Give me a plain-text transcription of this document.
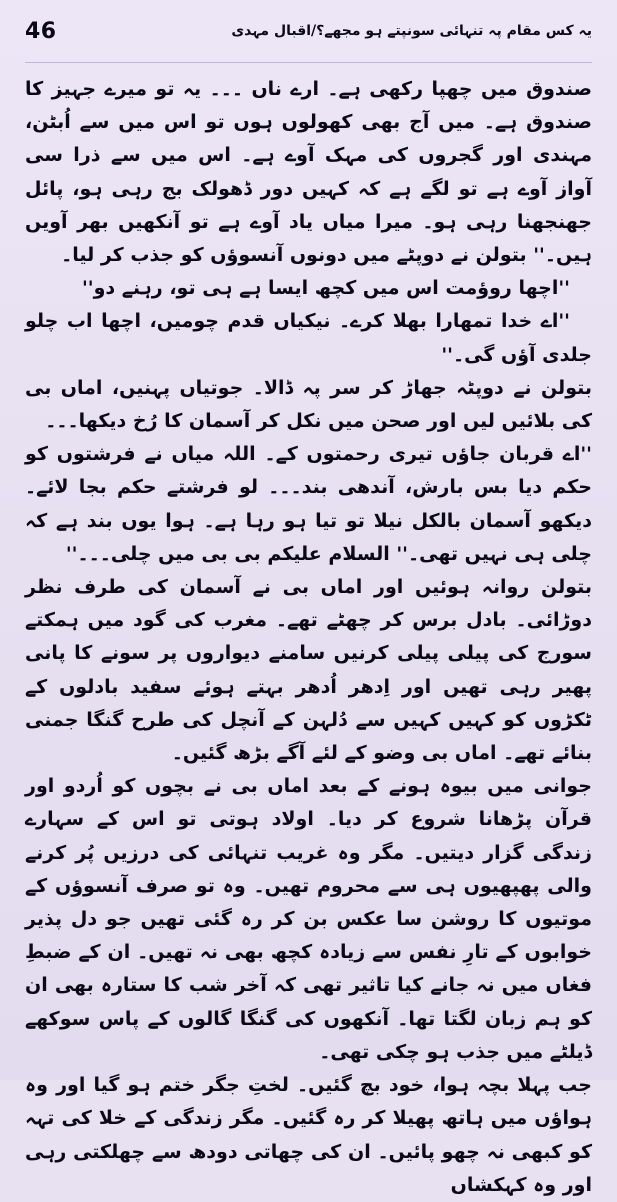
46	یہ کس مقام پہ تنہائی سونپتے ہو مجھے؟/اقبال مہدی

صندوق میں چھپا رکھی ہے۔ ارے ناں ۔۔۔ یہ تو میرے جہیز کا صندوق ہے۔ میں آج بھی کھولوں ہوں تو اس میں سے اُبٹن، مہندی اور گجروں کی مہک آوے ہے۔ اس میں سے ذرا سی آواز آوے ہے تو لگے ہے کہ کہیں دور ڈھولک بج رہی ہو، پائل جھنجھنا رہی ہو۔ میرا میاں یاد آوے ہے تو آنکھیں بھر آویں ہیں۔'' بتولن نے دوپٹے میں دونوں آنسوؤں کو جذب کر لیا۔

''اچھا روؤمت اس میں کچھ ایسا ہے ہی تو، رہنے دو''

''اے خدا تمھارا بھلا کرے۔ نیکیاں قدم چومیں، اچھا اب چلو جلدی آؤں گی۔''

بتولن نے دوپٹہ جھاڑ کر سر پہ ڈالا۔ جوتیاں پہنیں، اماں بی کی بلائیں لیں اور صحن میں نکل کر آسمان کا رُخ دیکھا۔۔۔

''اے قربان جاؤں تیری رحمتوں کے۔ اللہ میاں نے فرشتوں کو حکم دیا بس بارش، آندھی بند۔۔۔ لو فرشتے حکم بجا لائے۔ دیکھو آسمان بالکل نیلا تو تیا ہو رہا ہے۔ ہوا یوں بند ہے کہ چلی ہی نہیں تھی۔'' السلام علیکم بی بی میں چلی۔۔۔''

بتولن روانہ ہوئیں اور اماں بی نے آسمان کی طرف نظر دوڑائی۔ بادل برس کر چھٹے تھے۔ مغرب کی گود میں ہمکتے سورج کی پیلی پیلی کرنیں سامنے دیواروں پر سونے کا پانی پھیر رہی تھیں اور اِدھر اُدھر بہتے ہوئے سفید بادلوں کے ٹکڑوں کو کہیں کہیں سے دُلہن کے آنچل کی طرح گنگا جمنی بنائے تھے۔ اماں بی وضو کے لئے آگے بڑھ گئیں۔

جوانی میں بیوہ ہونے کے بعد اماں بی نے بچوں کو اُردو اور قرآن پڑھانا شروع کر دیا۔ اولاد ہوتی تو اس کے سہارے زندگی گزار دیتیں۔ مگر وہ غریب تنہائی کی درزیں پُر کرنے والی پھپھیوں ہی سے محروم تھیں۔ وہ تو صرف آنسوؤں کے موتیوں کا روشن سا عکس بن کر رہ گئی تھیں جو دل پذیر خوابوں کے تارِ نفس سے زیادہ کچھ بھی نہ تھیں۔ ان کے ضبطِ فغاں میں نہ جانے کیا تاثیر تھی کہ آخر شب کا ستارہ بھی ان کو ہم زبان لگتا تھا۔ آنکھوں کی گنگا گالوں کے پاس سوکھے ڈیلٹے میں جذب ہو چکی تھی۔

جب پہلا بچہ ہوا، خود بچ گئیں۔ لختِ جگر ختم ہو گیا اور وہ ہواؤں میں ہاتھ پھیلا کر رہ گئیں۔ مگر زندگی کے خلا کی تہہ کو کبھی نہ چھو پائیں۔ ان کی چھاتی دودھ سے چھلکتی رہی اور وہ کہکشاں
